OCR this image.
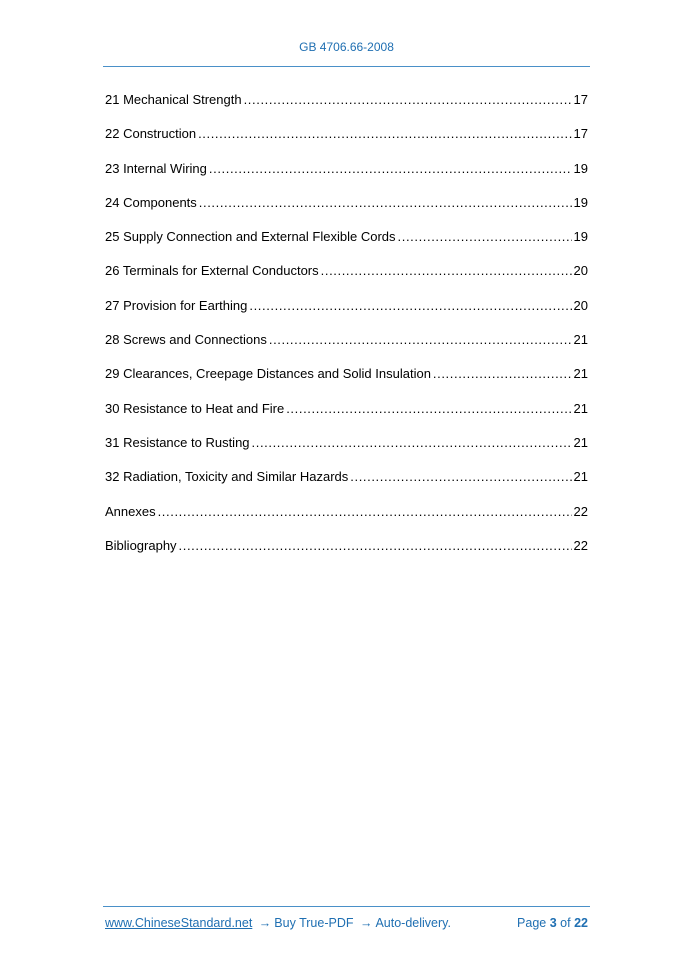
GB 4706.66-2008
21 Mechanical Strength .....	17
22 Construction .....	17
23 Internal Wiring .....	19
24 Components .....	19
25 Supply Connection and External Flexible Cords .....	19
26 Terminals for External Conductors .....	20
27 Provision for Earthing .....	20
28 Screws and Connections .....	21
29 Clearances, Creepage Distances and Solid Insulation .....	21
30 Resistance to Heat and Fire .....	21
31 Resistance to Rusting .....	21
32 Radiation, Toxicity and Similar Hazards .....	21
Annexes .....	22
Bibliography .....	22
www.ChineseStandard.net → Buy True-PDF → Auto-delivery.	Page 3 of 22
